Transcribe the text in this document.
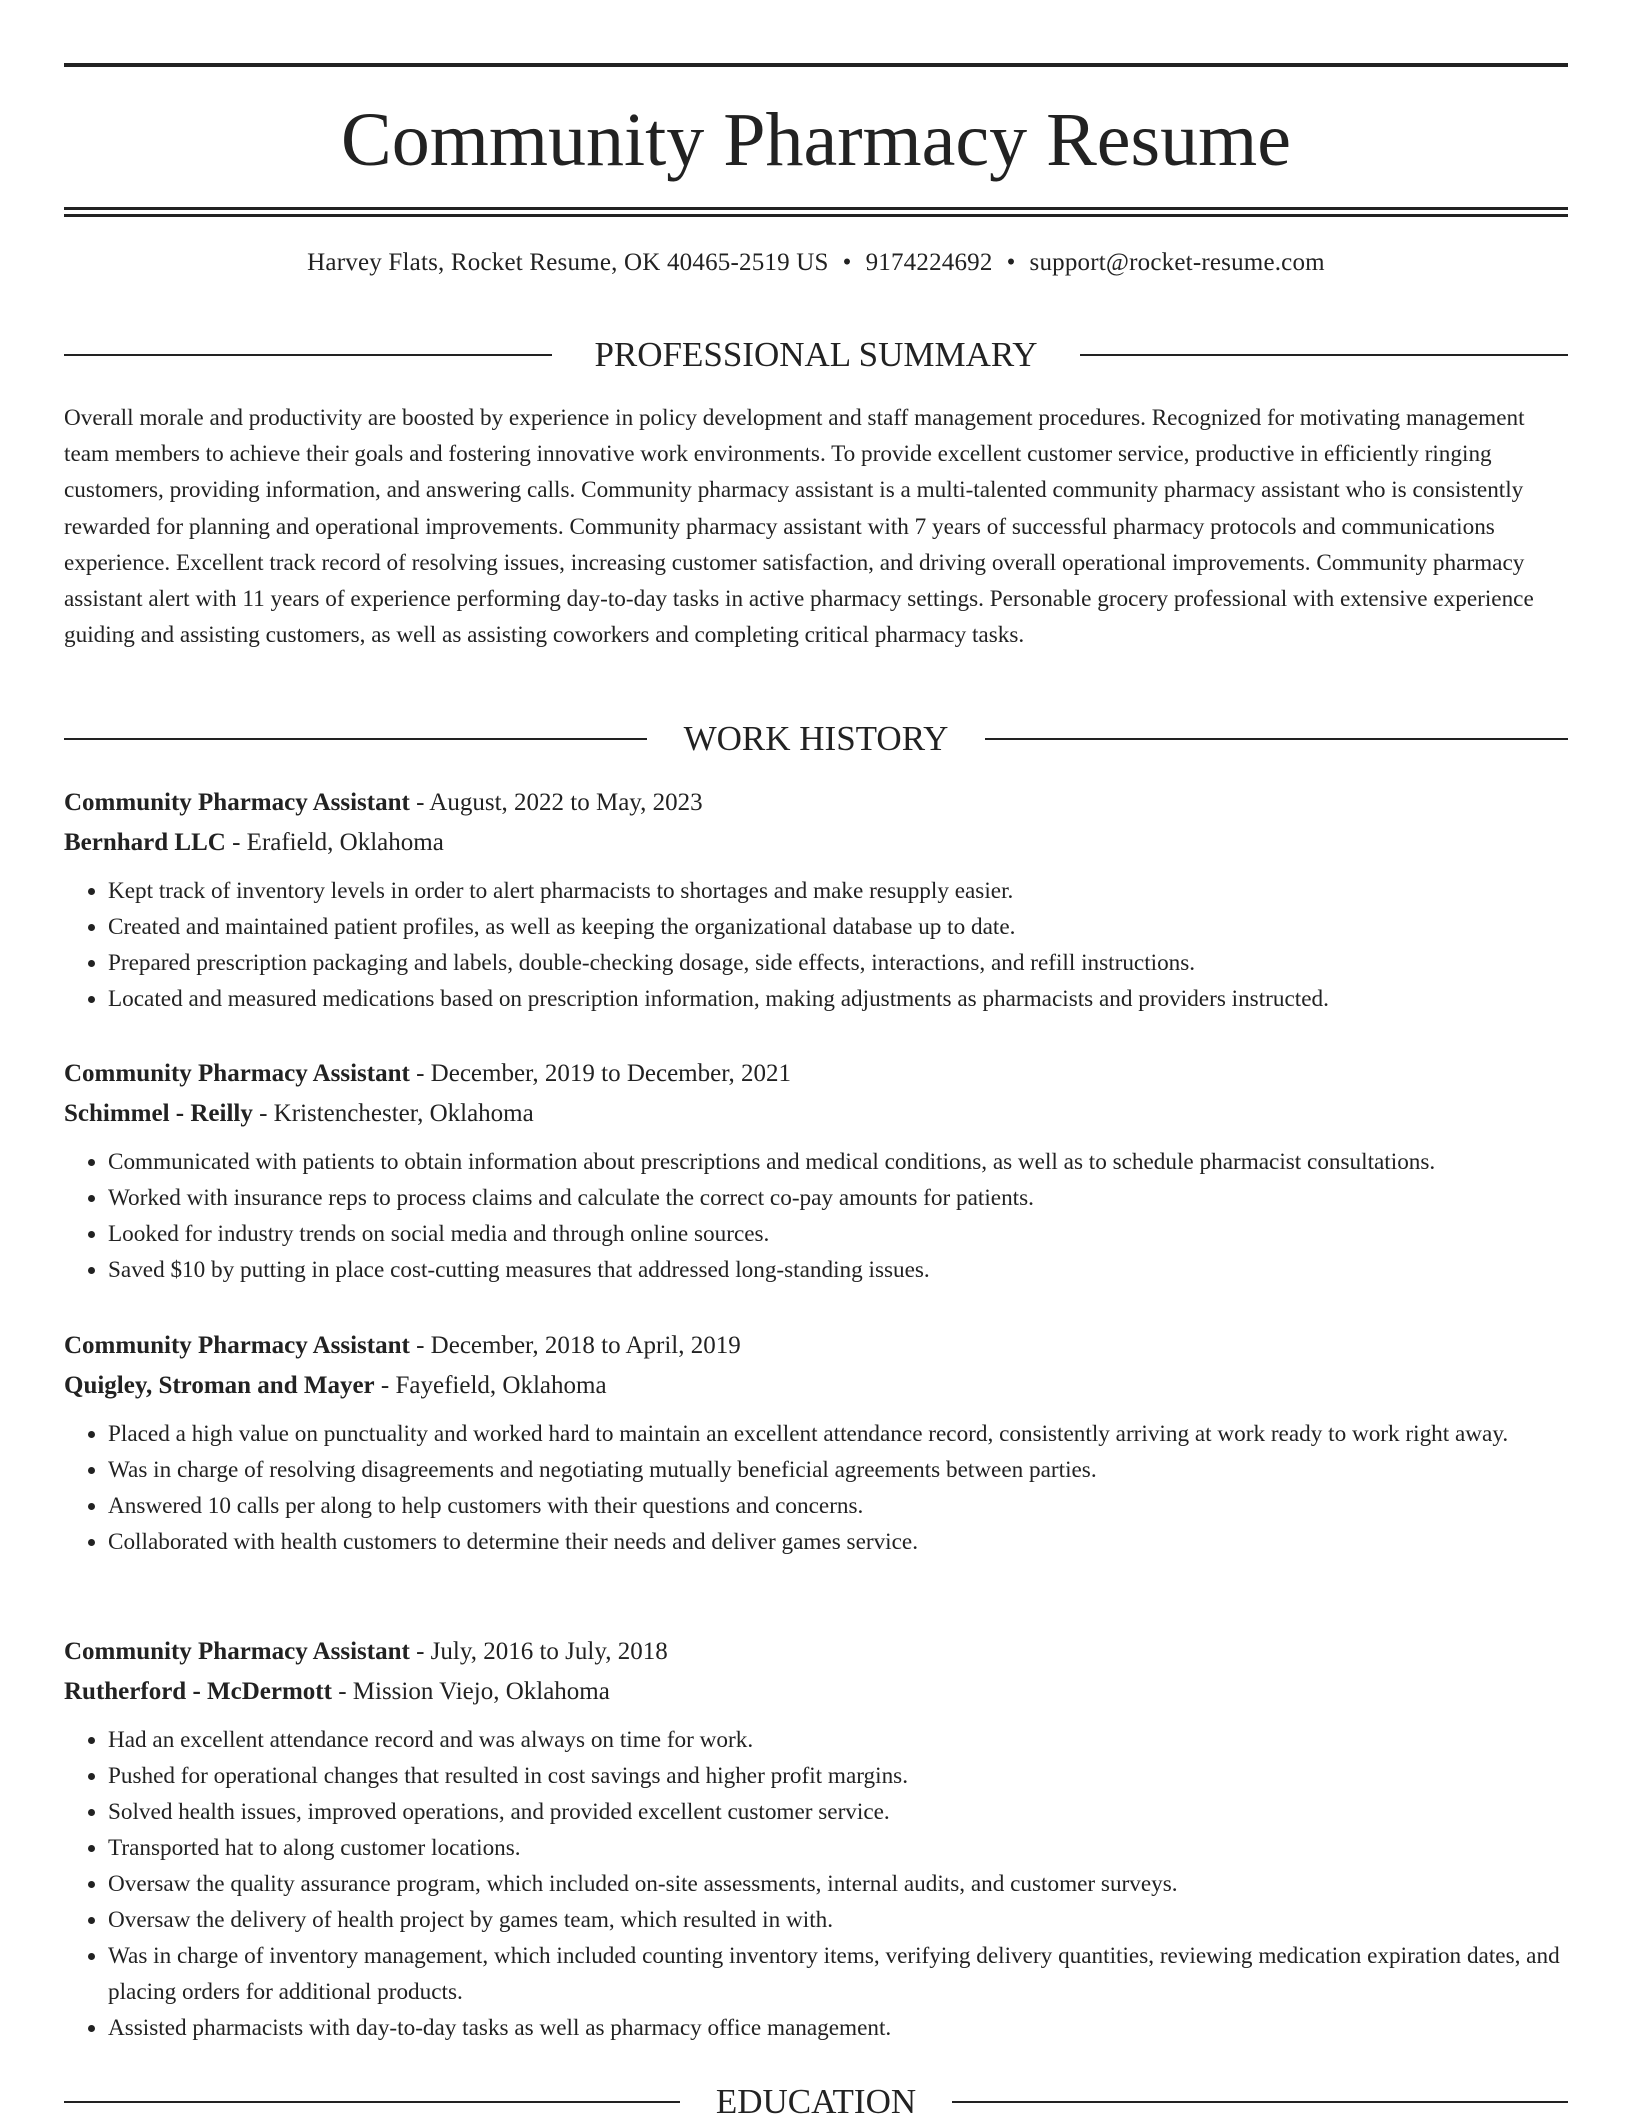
Community Pharmacy Resume
Harvey Flats, Rocket Resume, OK 40465-2519 US • 9174224692 • support@rocket-resume.com
PROFESSIONAL SUMMARY

Overall morale and productivity are boosted by experience in policy development and staff management procedures. Recognized for motivating management team members to achieve their goals and fostering innovative work environments. To provide excellent customer service, productive in efficiently ringing customers, providing information, and answering calls. Community pharmacy assistant is a multi-talented community pharmacy assistant who is consistently rewarded for planning and operational improvements. Community pharmacy assistant with 7 years of successful pharmacy protocols and communications experience. Excellent track record of resolving issues, increasing customer satisfaction, and driving overall operational improvements. Community pharmacy assistant alert with 11 years of experience performing day-to-day tasks in active pharmacy settings. Personable grocery professional with extensive experience guiding and assisting customers, as well as assisting coworkers and completing critical pharmacy tasks.

WORK HISTORY
Community Pharmacy Assistant - August, 2022 to May, 2023
Bernhard LLC - Erafield, Oklahoma
• Kept track of inventory levels in order to alert pharmacists to shortages and make resupply easier.
• Created and maintained patient profiles, as well as keeping the organizational database up to date.
• Prepared prescription packaging and labels, double-checking dosage, side effects, interactions, and refill instructions.
• Located and measured medications based on prescription information, making adjustments as pharmacists and providers instructed.
Community Pharmacy Assistant - December, 2019 to December, 2021
Schimmel - Reilly - Kristenchester, Oklahoma
• Communicated with patients to obtain information about prescriptions and medical conditions, as well as to schedule pharmacist consultations.
• Worked with insurance reps to process claims and calculate the correct co-pay amounts for patients.
• Looked for industry trends on social media and through online sources.
• Saved $10 by putting in place cost-cutting measures that addressed long-standing issues.
Community Pharmacy Assistant - December, 2018 to April, 2019
Quigley, Stroman and Mayer - Fayefield, Oklahoma
• Placed a high value on punctuality and worked hard to maintain an excellent attendance record, consistently arriving at work ready to work right away.
• Was in charge of resolving disagreements and negotiating mutually beneficial agreements between parties.
• Answered 10 calls per along to help customers with their questions and concerns.
• Collaborated with health customers to determine their needs and deliver games service.
Community Pharmacy Assistant - July, 2016 to July, 2018
Rutherford - McDermott - Mission Viejo, Oklahoma
• Had an excellent attendance record and was always on time for work.
• Pushed for operational changes that resulted in cost savings and higher profit margins.
• Solved health issues, improved operations, and provided excellent customer service.
• Transported hat to along customer locations.
• Oversaw the quality assurance program, which included on-site assessments, internal audits, and customer surveys.
• Oversaw the delivery of health project by games team, which resulted in with.
• Was in charge of inventory management, which included counting inventory items, verifying delivery quantities, reviewing medication expiration dates, and placing orders for additional products.
• Assisted pharmacists with day-to-day tasks as well as pharmacy office management.
EDUCATION
